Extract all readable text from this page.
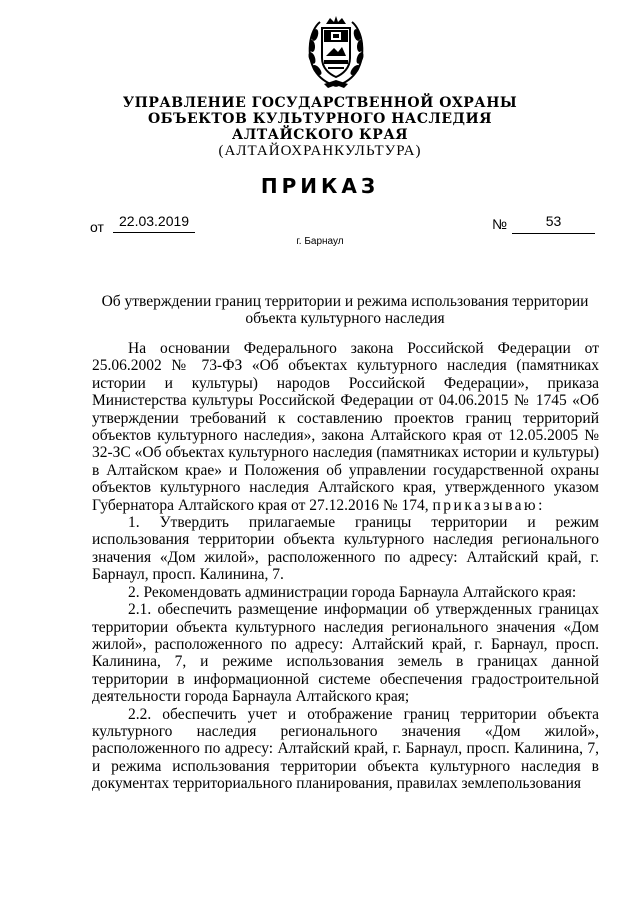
УПРАВЛЕНИЕ ГОСУДАРСТВЕННОЙ ОХРАНЫ
ОБЪЕКТОВ КУЛЬТУРНОГО НАСЛЕДИЯ
АЛТАЙСКОГО КРАЯ
(АЛТАЙОХРАНКУЛЬТУРА)
ПРИКАЗ
от	22.03.2019	№	53
г. Барнаул
Об утверждении границ территории и режима использования территории объекта культурного наследия

На основании Федерального закона Российской Федерации от 25.06.2002 № 73-ФЗ «Об объектах культурного наследия (памятниках истории и культуры) народов Российской Федерации», приказа Министерства культуры Российской Федерации от 04.06.2015 № 1745 «Об утверждении требований к составлению проектов границ территорий объектов культурного наследия», закона Алтайского края от 12.05.2005 № 32-ЗС «Об объектах культурного наследия (памятниках истории и культуры) в Алтайском крае» и Положения об управлении государственной охраны объектов культурного наследия Алтайского края, утвержденного указом Губернатора Алтайского края от 27.12.2016 № 174, приказываю:

1. Утвердить прилагаемые границы территории и режим использования территории объекта культурного наследия регионального значения «Дом жилой», расположенного по адресу: Алтайский край, г. Барнаул, просп. Калинина, 7.

2. Рекомендовать администрации города Барнаула Алтайского края:

2.1. обеспечить размещение информации об утвержденных границах территории объекта культурного наследия регионального значения «Дом жилой», расположенного по адресу: Алтайский край, г. Барнаул, просп. Калинина, 7, и режиме использования земель в границах данной территории в информационной системе обеспечения градостроительной деятельности города Барнаула Алтайского края;

2.2. обеспечить учет и отображение границ территории объекта культурного наследия регионального значения «Дом жилой», расположенного по адресу: Алтайский край, г. Барнаул, просп. Калинина, 7, и режима использования территории объекта культурного наследия в документах территориального планирования, правилах землепользования
